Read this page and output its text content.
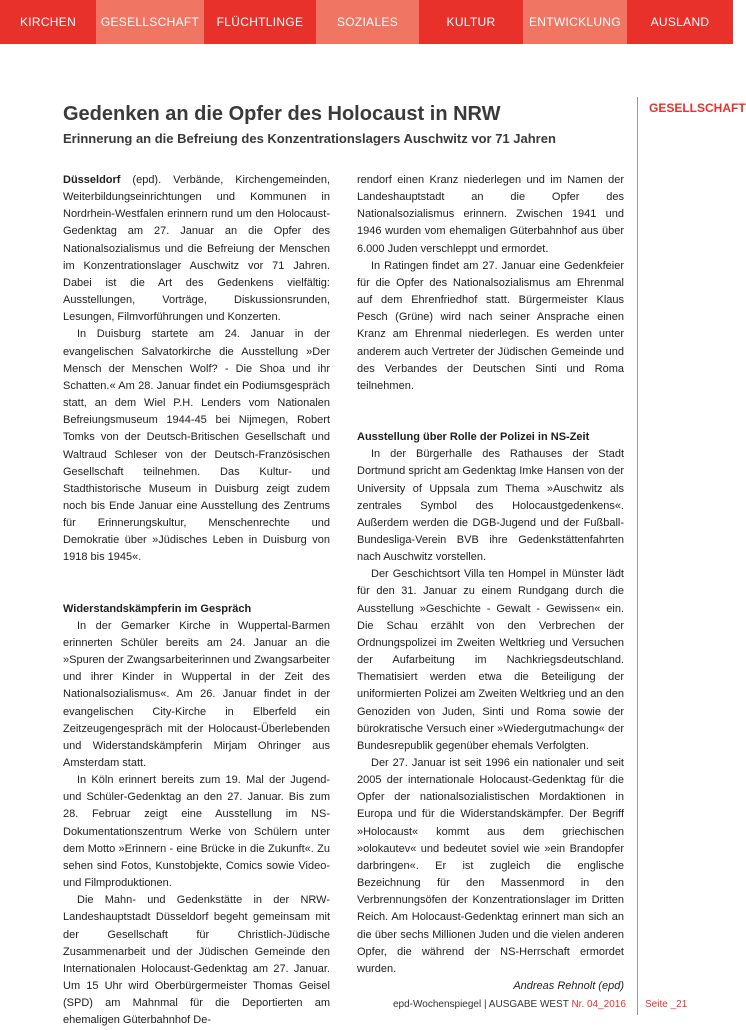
KIRCHEN	GESELLSCHAFT	FLÜCHTLINGE	SOZIALES	KULTUR	ENTWICKLUNG	AUSLAND
Gedenken an die Opfer des Holocaust in NRW
Erinnerung an die Befreiung des Konzentrationslagers Auschwitz vor 71 Jahren
GESELLSCHAFT

Düsseldorf (epd). Verbände, Kirchengemeinden, Weiterbildungseinrichtungen und Kommunen in Nordrhein-Westfalen erinnern rund um den Holocaust-Gedenktag am 27. Januar an die Opfer des Nationalsozialismus und die Befreiung der Menschen im Konzentrationslager Auschwitz vor 71 Jahren. Dabei ist die Art des Gedenkens vielfältig: Ausstellungen, Vorträge, Diskussionsrunden, Lesungen, Filmvorführungen und Konzerten.

In Duisburg startete am 24. Januar in der evangelischen Salvatorkirche die Ausstellung »Der Mensch der Menschen Wolf? - Die Shoa und ihr Schatten.« Am 28. Januar findet ein Podiumsgespräch statt, an dem Wiel P.H. Lenders vom Nationalen Befreiungsmuseum 1944-45 bei Nijmegen, Robert Tomks von der Deutsch-Britischen Gesellschaft und Waltraud Schleser von der Deutsch-Französischen Gesellschaft teilnehmen. Das Kultur- und Stadthistorische Museum in Duisburg zeigt zudem noch bis Ende Januar eine Ausstellung des Zentrums für Erinnerungskultur, Menschenrechte und Demokratie über »Jüdisches Leben in Duisburg von 1918 bis 1945«.

Widerstandskämpferin im Gespräch

In der Gemarker Kirche in Wuppertal-Barmen erinnerten Schüler bereits am 24. Januar an die »Spuren der Zwangsarbeiterinnen und Zwangsarbeiter und ihrer Kinder in Wuppertal in der Zeit des Nationalsozialismus«. Am 26. Januar findet in der evangelischen City-Kirche in Elberfeld ein Zeitzeugengespräch mit der Holocaust-Überlebenden und Widerstandskämpferin Mirjam Ohringer aus Amsterdam statt.

In Köln erinnert bereits zum 19. Mal der Jugend- und Schüler-Gedenktag an den 27. Januar. Bis zum 28. Februar zeigt eine Ausstellung im NS-Dokumentationszentrum Werke von Schülern unter dem Motto »Erinnern - eine Brücke in die Zukunft«. Zu sehen sind Fotos, Kunstobjekte, Comics sowie Video- und Filmproduktionen.

Die Mahn- und Gedenkstätte in der NRW-Landeshauptstadt Düsseldorf begeht gemeinsam mit der Gesellschaft für Christlich-Jüdische Zusammenarbeit und der Jüdischen Gemeinde den Internationalen Holocaust-Gedenktag am 27. Januar. Um 15 Uhr wird Oberbürgermeister Thomas Geisel (SPD) am Mahnmal für die Deportierten am ehemaligen Güterbahnhof De-

rendorf einen Kranz niederlegen und im Namen der Landeshauptstadt an die Opfer des Nationalsozialismus erinnern. Zwischen 1941 und 1946 wurden vom ehemaligen Güterbahnhof aus über 6.000 Juden verschleppt und ermordet.

In Ratingen findet am 27. Januar eine Gedenkfeier für die Opfer des Nationalsozialismus am Ehrenmal auf dem Ehrenfriedhof statt. Bürgermeister Klaus Pesch (Grüne) wird nach seiner Ansprache einen Kranz am Ehrenmal niederlegen. Es werden unter anderem auch Vertreter der Jüdischen Gemeinde und des Verbandes der Deutschen Sinti und Roma teilnehmen.

Ausstellung über Rolle der Polizei in NS-Zeit

In der Bürgerhalle des Rathauses der Stadt Dortmund spricht am Gedenktag Imke Hansen von der University of Uppsala zum Thema »Auschwitz als zentrales Symbol des Holocaustgedenkens«. Außerdem werden die DGB-Jugend und der Fußball-Bundesliga-Verein BVB ihre Gedenkstättenfahrten nach Auschwitz vorstellen.

Der Geschichtsort Villa ten Hompel in Münster lädt für den 31. Januar zu einem Rundgang durch die Ausstellung »Geschichte - Gewalt - Gewissen« ein. Die Schau erzählt von den Verbrechen der Ordnungspolizei im Zweiten Weltkrieg und Versuchen der Aufarbeitung im Nachkriegsdeutschland. Thematisiert werden etwa die Beteiligung der uniformierten Polizei am Zweiten Weltkrieg und an den Genoziden von Juden, Sinti und Roma sowie der bürokratische Versuch einer »Wiedergutmachung« der Bundesrepublik gegenüber ehemals Verfolgten.

Der 27. Januar ist seit 1996 ein nationaler und seit 2005 der internationale Holocaust-Gedenktag für die Opfer der nationalsozialistischen Mordaktionen in Europa und für die Widerstandskämpfer. Der Begriff »Holocaust« kommt aus dem griechischen »olokautev« und bedeutet soviel wie »ein Brandopfer darbringen«. Er ist zugleich die englische Bezeichnung für den Massenmord in den Verbrennungsöfen der Konzentrationslager im Dritten Reich. Am Holocaust-Gedenktag erinnert man sich an die über sechs Millionen Juden und die vielen anderen Opfer, die während der NS-Herrschaft ermordet wurden.

Andreas Rehnolt (epd)

epd-Wochenspiegel | AUSGABE WEST Nr. 04_2016 Seite _21
